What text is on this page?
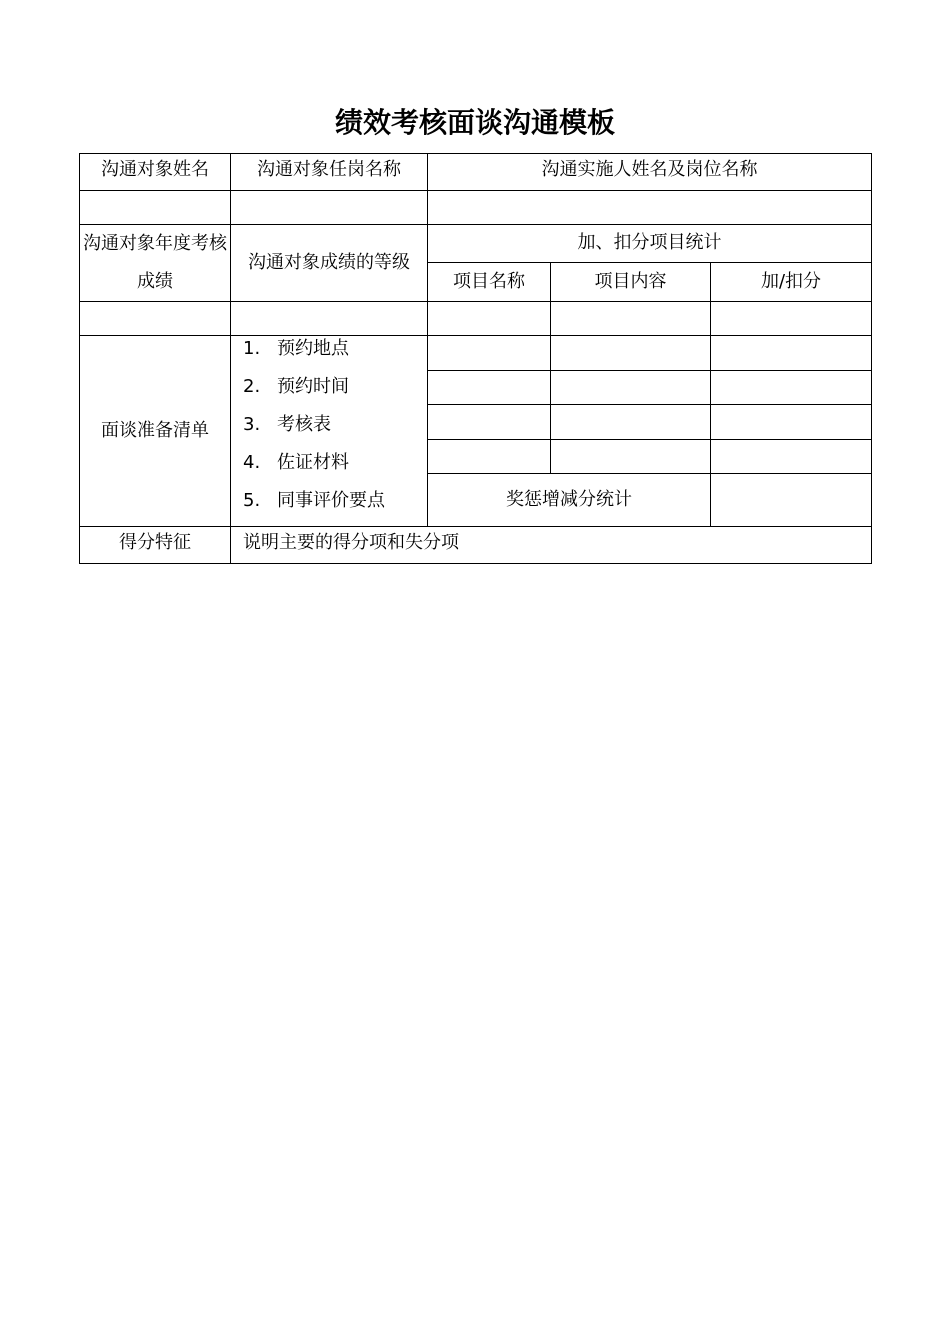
绩效考核面谈沟通模板
沟通对象姓名	沟通对象任岗名称	沟通实施人姓名及岗位名称		

沟通对象年度考核成绩	沟通对象成绩的等级	加、扣分项目统计		
		项目名称	项目内容	加/扣分

面谈准备清单	1. 预约地点
2. 预约时间
3. 考核表
4. 佐证材料
5. 同事评价要点			

		奖惩增减分统计		
得分特征	说明主要的得分项和失分项			
